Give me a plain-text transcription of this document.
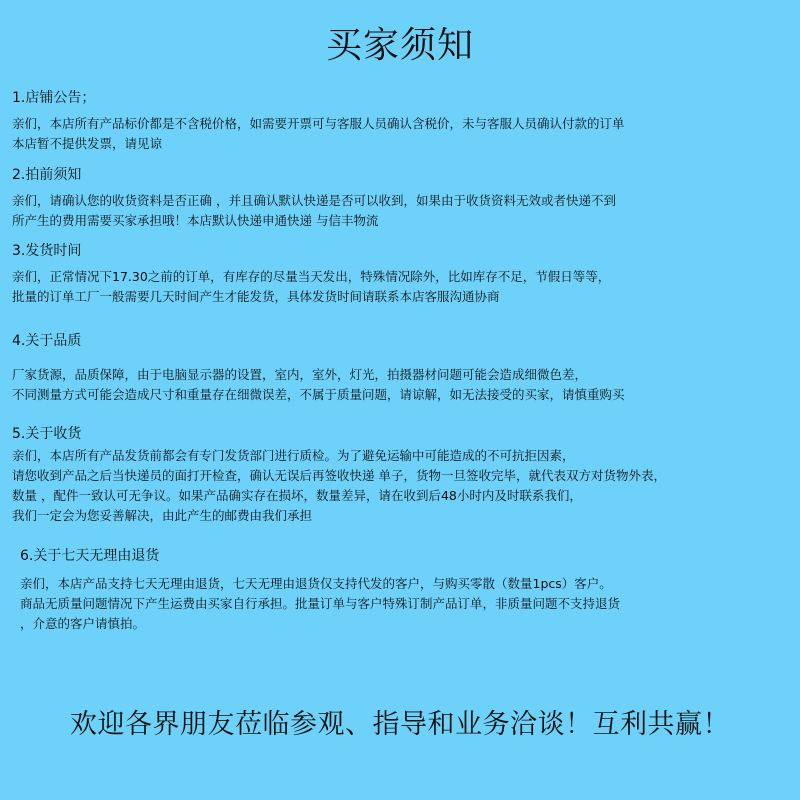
买家须知
1.店铺公告；
亲们，本店所有产品标价都是不含税价格，如需要开票可与客服人员确认含税价，未与客服人员确认付款的订单
本店暂不提供发票，请见谅
2.拍前须知
亲们，请确认您的收货资料是否正确 ，并且确认默认快递是否可以收到，如果由于收货资料无效或者快递不到
所产生的费用需要买家承担哦！本店默认快递申通快递 与信丰物流
3.发货时间
亲们，正常情况下17.30之前的订单，有库存的尽量当天发出，特殊情况除外，比如库存不足，节假日等等，
批量的订单工厂一般需要几天时间产生才能发货，具体发货时间请联系本店客服沟通协商
4.关于品质
厂家货源，品质保障，由于电脑显示器的设置，室内，室外，灯光，拍摄器材问题可能会造成细微色差，
不同测量方式可能会造成尺寸和重量存在细微误差，不属于质量问题，请谅解，如无法接受的买家，请慎重购买
5.关于收货
亲们，本店所有产品发货前都会有专门发货部门进行质检。为了避免运输中可能造成的不可抗拒因素，
请您收到产品之后当快递员的面打开检查，确认无误后再签收快递 单子，货物一旦签收完毕，就代表双方对货物外表，
数量 ，配件一致认可无争议。如果产品确实存在损坏，数量差异，请在收到后48小时内及时联系我们，
我们一定会为您妥善解决，由此产生的邮费由我们承担
6.关于七天无理由退货
亲们，本店产品支持七天无理由退货，七天无理由退货仅支持代发的客户，与购买零散（数量1pcs）客户。
商品无质量问题情况下产生运费由买家自行承担。批量订单与客户特殊订制产品订单，非质量问题不支持退货
，介意的客户请慎拍。
欢迎各界朋友莅临参观、指导和业务洽谈！互利共赢！
